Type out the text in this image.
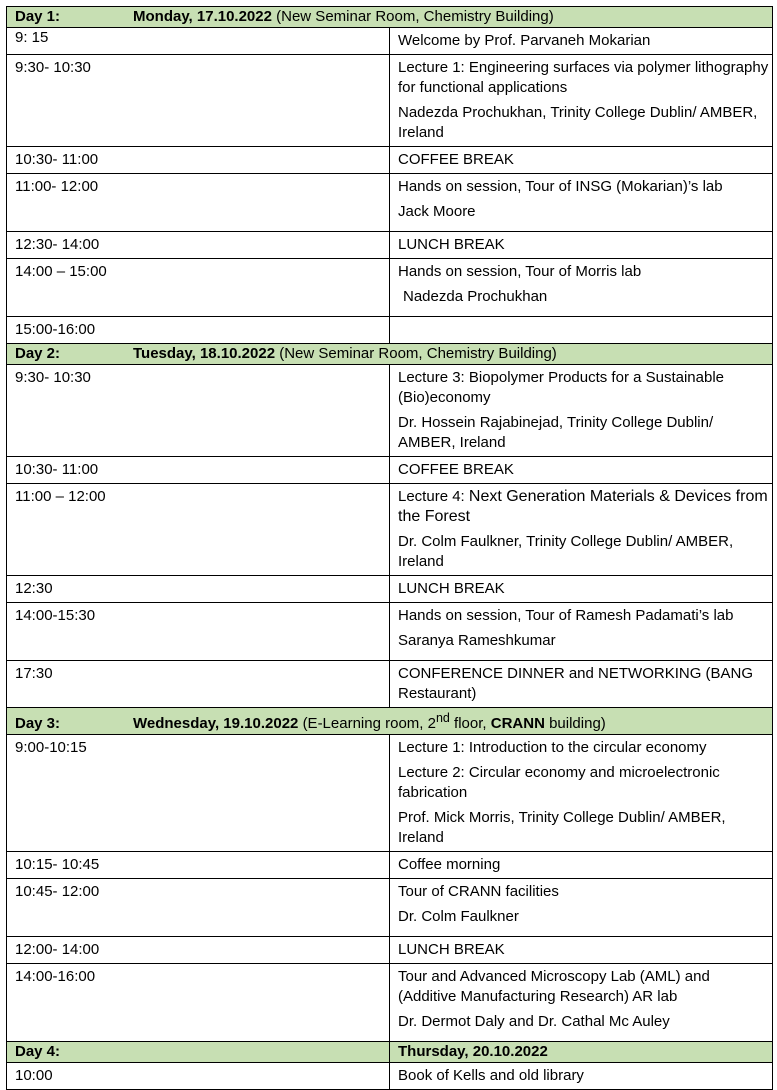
Day 1: Monday, 17.10.2022 (New Seminar Room, Chemistry Building)	
9: 15	Welcome by Prof. Parvaneh Mokarian

9:30- 10:30	Lecture 1: Engineering surfaces via polymer lithography for functional applications
Nadezda Prochukhan, Trinity College Dublin/ AMBER, Ireland

10:30- 11:00	COFFEE BREAK

11:00- 12:00	Hands on session, Tour of INSG (Mokarian)’s lab
Jack Moore

12:30- 14:00	LUNCH BREAK

14:00 – 15:00	Hands on session, Tour of Morris lab
Nadezda Prochukhan

15:00-16:00	

Day 2: Tuesday, 18.10.2022 (New Seminar Room, Chemistry Building)	

9:30- 10:30	Lecture 3: Biopolymer Products for a Sustainable (Bio)economy
Dr. Hossein Rajabinejad, Trinity College Dublin/ AMBER, Ireland

10:30- 11:00	COFFEE BREAK

11:00 – 12:00	Lecture 4: Next Generation Materials & Devices from the Forest
Dr. Colm Faulkner, Trinity College Dublin/ AMBER, Ireland

12:30	LUNCH BREAK

14:00-15:30	Hands on session, Tour of Ramesh Padamati’s lab
Saranya Rameshkumar

17:30	CONFERENCE DINNER and NETWORKING (BANG Restaurant)

Day 3: Wednesday, 19.10.2022 (E-Learning room, 2nd floor, CRANN building)	

9:00-10:15	Lecture 1: Introduction to the circular economy
Lecture 2: Circular economy and microelectronic fabrication
Prof. Mick Morris, Trinity College Dublin/ AMBER, Ireland

10:15- 10:45	Coffee morning

10:45- 12:00	Tour of CRANN facilities
Dr. Colm Faulkner

12:00- 14:00	LUNCH BREAK

14:00-16:00	Tour and Advanced Microscopy Lab (AML) and (Additive Manufacturing Research) AR lab
Dr. Dermot Daly and Dr. Cathal Mc Auley

Day 4:	Thursday, 20.10.2022

10:00	Book of Kells and old library
